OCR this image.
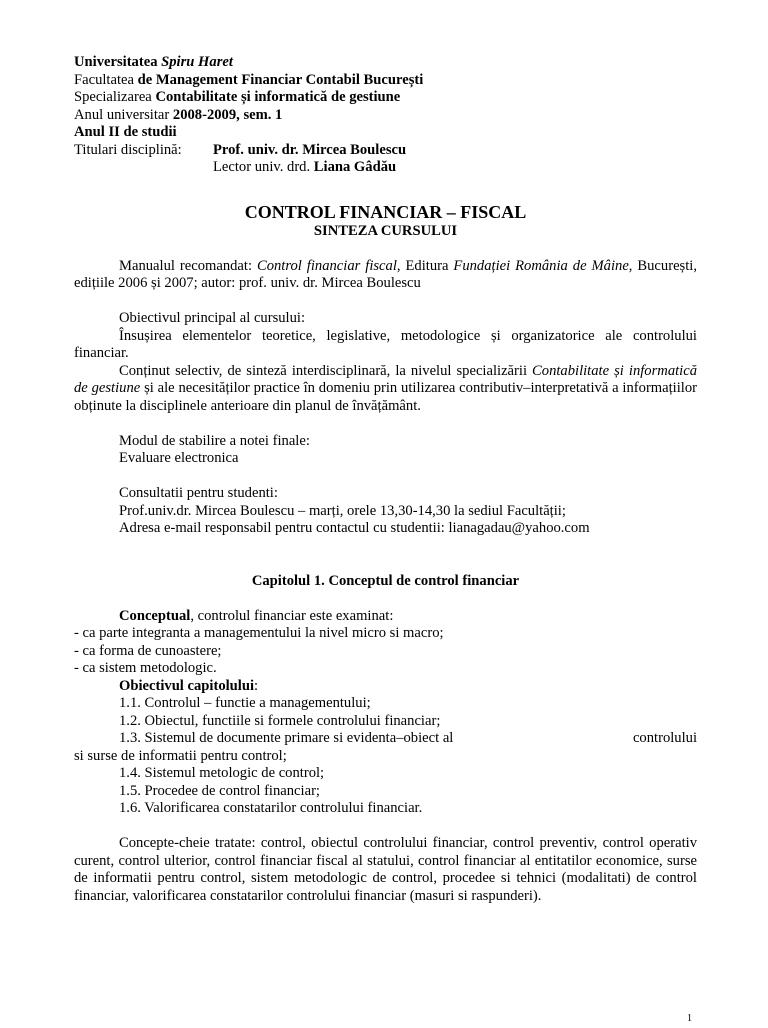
Universitatea Spiru Haret
Facultatea de Management Financiar Contabil București
Specializarea Contabilitate și informatică de gestiune
Anul universitar 2008-2009, sem. 1
Anul II de studii
Titulari disciplină:	Prof. univ. dr. Mircea Boulescu
Lector univ. drd. Liana Gâdău
CONTROL FINANCIAR – FISCAL
SINTEZA CURSULUI
Manualul recomandat: Control financiar fiscal, Editura Fundației România de Mâine, București, edițiile 2006 și 2007; autor: prof. univ. dr. Mircea Boulescu
Obiectivul principal al cursului:
Însușirea elementelor teoretice, legislative, metodologice și organizatorice ale controlului financiar.
Conținut selectiv, de sinteză interdisciplinară, la nivelul specializării Contabilitate și informatică de gestiune și ale necesităților practice în domeniu prin utilizarea contributiv–interpretativă a informațiilor obținute la disciplinele anterioare din planul de învățământ.
Modul de stabilire a notei finale:
Evaluare electronica
Consultatii pentru studenti:
Prof.univ.dr. Mircea Boulescu – marți, orele 13,30-14,30 la sediul Facultății;
Adresa e-mail responsabil pentru contactul cu studentii: lianagadau@yahoo.com
Capitolul 1. Conceptul de control financiar
Conceptual, controlul financiar este examinat:
- ca parte integranta a managementului la nivel micro si macro;
- ca forma de cunoastere;
- ca sistem metodologic.
Obiectivul capitolului:
1.1. Controlul – functie a managementului;
1.2. Obiectul, functiile si formele controlului financiar;
1.3. Sistemul de documente primare si evidenta–obiect al	controlului
si surse de informatii pentru control;
1.4. Sistemul metologic de control;
1.5. Procedee de control financiar;
1.6. Valorificarea constatarilor controlului financiar.
Concepte-cheie tratate: control, obiectul controlului financiar, control preventiv, control operativ curent, control ulterior, control financiar fiscal al statului, control financiar al entitatilor economice, surse de informatii pentru control, sistem metodologic de control, procedee si tehnici (modalitati) de control financiar, valorificarea constatarilor controlului financiar (masuri si raspunderi).
1
